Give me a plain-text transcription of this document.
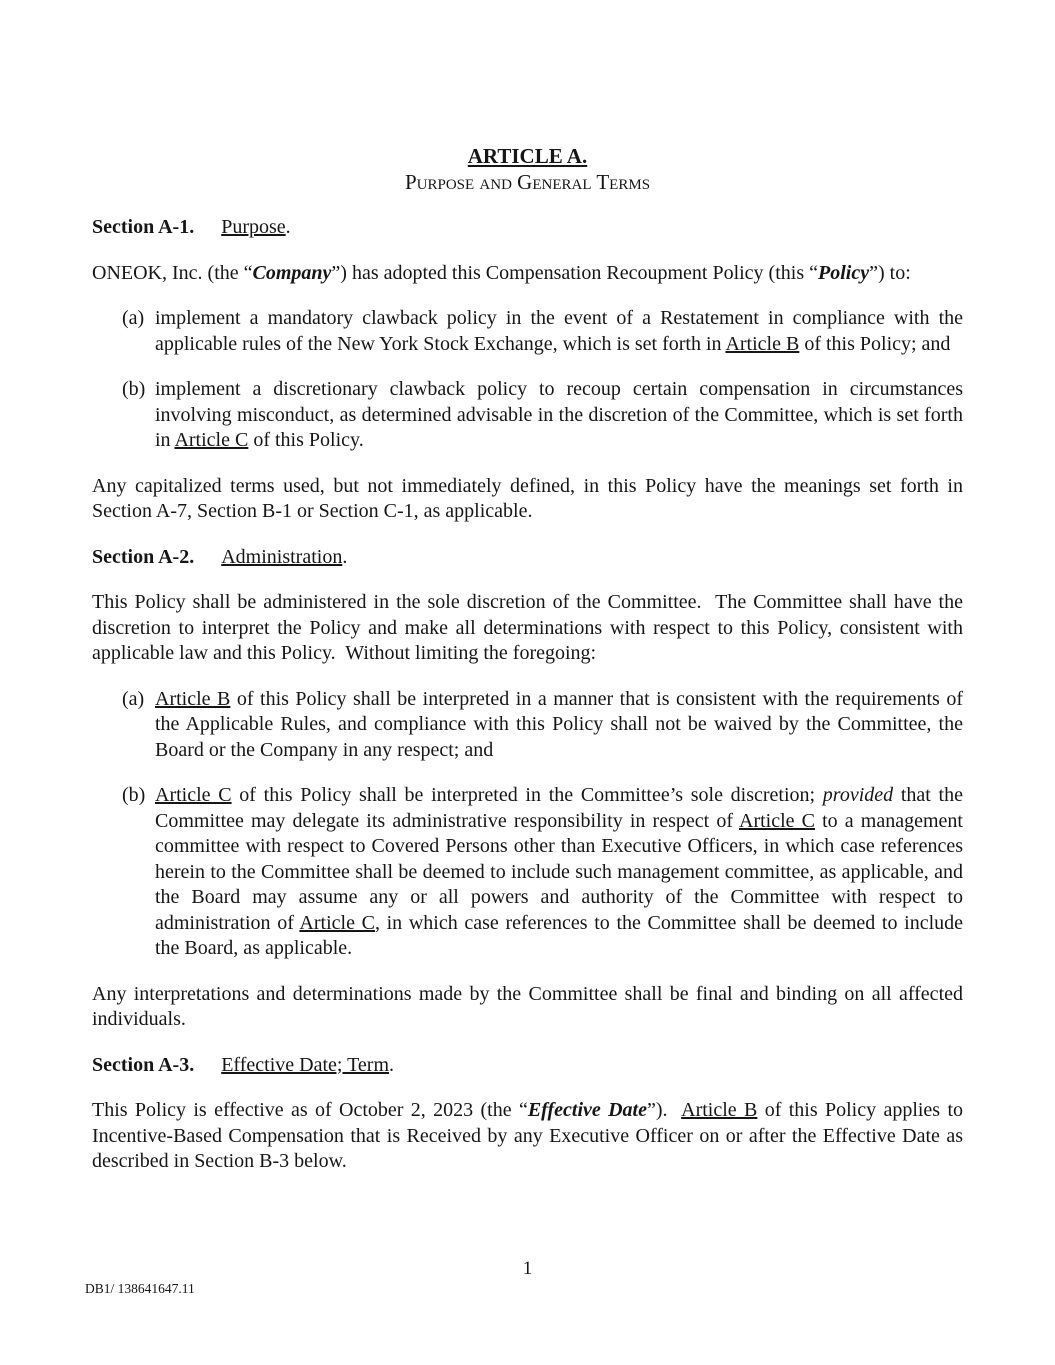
ARTICLE A.

Purpose and General Terms

Section A-1. Purpose.

ONEOK, Inc. (the “Company”) has adopted this Compensation Recoupment Policy (this “Policy”) to:

(a) implement a mandatory clawback policy in the event of a Restatement in compliance with the applicable rules of the New York Stock Exchange, which is set forth in Article B of this Policy; and
(b) implement a discretionary clawback policy to recoup certain compensation in circumstances involving misconduct, as determined advisable in the discretion of the Committee, which is set forth in Article C of this Policy.

Any capitalized terms used, but not immediately defined, in this Policy have the meanings set forth in Section A-7, Section B-1 or Section C-1, as applicable.

Section A-2. Administration.

This Policy shall be administered in the sole discretion of the Committee.  The Committee shall have the discretion to interpret the Policy and make all determinations with respect to this Policy, consistent with applicable law and this Policy.  Without limiting the foregoing:

(a) Article B of this Policy shall be interpreted in a manner that is consistent with the requirements of the Applicable Rules, and compliance with this Policy shall not be waived by the Committee, the Board or the Company in any respect; and
(b) Article C of this Policy shall be interpreted in the Committee’s sole discretion; provided that the Committee may delegate its administrative responsibility in respect of Article C to a management committee with respect to Covered Persons other than Executive Officers, in which case references herein to the Committee shall be deemed to include such management committee, as applicable, and the Board may assume any or all powers and authority of the Committee with respect to administration of Article C, in which case references to the Committee shall be deemed to include the Board, as applicable.

Any interpretations and determinations made by the Committee shall be final and binding on all affected individuals.

Section A-3. Effective Date; Term.

This Policy is effective as of October 2, 2023 (the “Effective Date”).  Article B of this Policy applies to Incentive-Based Compensation that is Received by any Executive Officer on or after the Effective Date as described in Section B-3 below.

1
DB1/ 138641647.11
